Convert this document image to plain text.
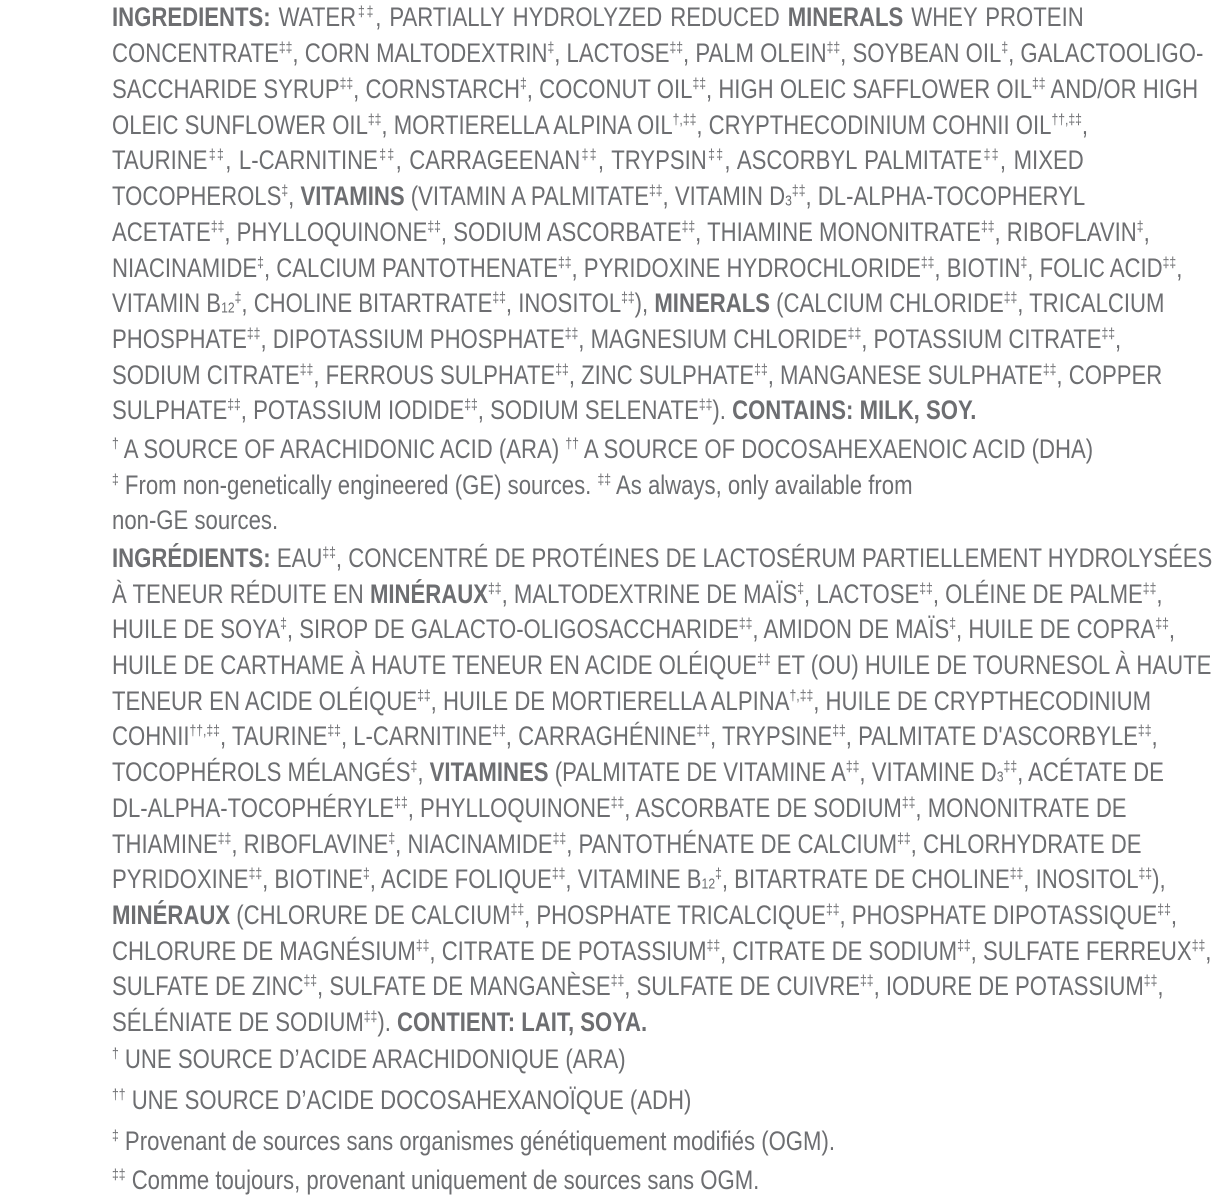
INGREDIENTS: WATER‡‡, PARTIALLY HYDROLYZED REDUCED MINERALS WHEY PROTEIN
CONCENTRATE‡‡, CORN MALTODEXTRIN‡, LACTOSE‡‡, PALM OLEIN‡‡, SOYBEAN OIL‡, GALACTOOLIGO-
SACCHARIDE SYRUP‡‡, CORNSTARCH‡, COCONUT OIL‡‡, HIGH OLEIC SAFFLOWER OIL‡‡ AND/OR HIGH
OLEIC SUNFLOWER OIL‡‡, MORTIERELLA ALPINA OIL†,‡‡, CRYPTHECODINIUM COHNII OIL††,‡‡,
TAURINE‡‡, L-CARNITINE‡‡, CARRAGEENAN‡‡, TRYPSIN‡‡, ASCORBYL PALMITATE‡‡, MIXED
TOCOPHEROLS‡, VITAMINS (VITAMIN A PALMITATE‡‡, VITAMIN D3‡‡, DL-ALPHA-TOCOPHERYL
ACETATE‡‡, PHYLLOQUINONE‡‡, SODIUM ASCORBATE‡‡, THIAMINE MONONITRATE‡‡, RIBOFLAVIN‡,
NIACINAMIDE‡, CALCIUM PANTOTHENATE‡‡, PYRIDOXINE HYDROCHLORIDE‡‡, BIOTIN‡, FOLIC ACID‡‡,
VITAMIN B12‡, CHOLINE BITARTRATE‡‡, INOSITOL‡‡), MINERALS (CALCIUM CHLORIDE‡‡, TRICALCIUM
PHOSPHATE‡‡, DIPOTASSIUM PHOSPHATE‡‡, MAGNESIUM CHLORIDE‡‡, POTASSIUM CITRATE‡‡,
SODIUM CITRATE‡‡, FERROUS SULPHATE‡‡, ZINC SULPHATE‡‡, MANGANESE SULPHATE‡‡, COPPER
SULPHATE‡‡, POTASSIUM IODIDE‡‡, SODIUM SELENATE‡‡). CONTAINS: MILK, SOY.
† A SOURCE OF ARACHIDONIC ACID (ARA) †† A SOURCE OF DOCOSAHEXAENOIC ACID (DHA)
‡ From non-genetically engineered (GE) sources. ‡‡ As always, only available from
non-GE sources.
INGRÉDIENTS: EAU‡‡, CONCENTRÉ DE PROTÉINES DE LACTOSÉRUM PARTIELLEMENT HYDROLYSÉES
À TENEUR RÉDUITE EN MINÉRAUX‡‡, MALTODEXTRINE DE MAÏS‡, LACTOSE‡‡, OLÉINE DE PALME‡‡,
HUILE DE SOYA‡, SIROP DE GALACTO-OLIGOSACCHARIDE‡‡, AMIDON DE MAÏS‡, HUILE DE COPRA‡‡,
HUILE DE CARTHAME À HAUTE TENEUR EN ACIDE OLÉIQUE‡‡ ET (OU) HUILE DE TOURNESOL À HAUTE
TENEUR EN ACIDE OLÉIQUE‡‡, HUILE DE MORTIERELLA ALPINA†,‡‡, HUILE DE CRYPTHECODINIUM
COHNII††,‡‡, TAURINE‡‡, L-CARNITINE‡‡, CARRAGHÉNINE‡‡, TRYPSINE‡‡, PALMITATE D'ASCORBYLE‡‡,
TOCOPHÉROLS MÉLANGÉS‡, VITAMINES (PALMITATE DE VITAMINE A‡‡, VITAMINE D3‡‡, ACÉTATE DE
DL-ALPHA-TOCOPHÉRYLE‡‡, PHYLLOQUINONE‡‡, ASCORBATE DE SODIUM‡‡, MONONITRATE DE
THIAMINE‡‡, RIBOFLAVINE‡, NIACINAMIDE‡‡, PANTOTHÉNATE DE CALCIUM‡‡, CHLORHYDRATE DE
PYRIDOXINE‡‡, BIOTINE‡, ACIDE FOLIQUE‡‡, VITAMINE B12‡, BITARTRATE DE CHOLINE‡‡, INOSITOL‡‡),
MINÉRAUX (CHLORURE DE CALCIUM‡‡, PHOSPHATE TRICALCIQUE‡‡, PHOSPHATE DIPOTASSIQUE‡‡,
CHLORURE DE MAGNÉSIUM‡‡, CITRATE DE POTASSIUM‡‡, CITRATE DE SODIUM‡‡, SULFATE FERREUX‡‡,
SULFATE DE ZINC‡‡, SULFATE DE MANGANÈSE‡‡, SULFATE DE CUIVRE‡‡, IODURE DE POTASSIUM‡‡,
SÉLÉNIATE DE SODIUM‡‡). CONTIENT: LAIT, SOYA.
† UNE SOURCE D’ACIDE ARACHIDONIQUE (ARA)
†† UNE SOURCE D’ACIDE DOCOSAHEXANOÏQUE (ADH)
‡ Provenant de sources sans organismes génétiquement modifiés (OGM).
‡‡ Comme toujours, provenant uniquement de sources sans OGM.
